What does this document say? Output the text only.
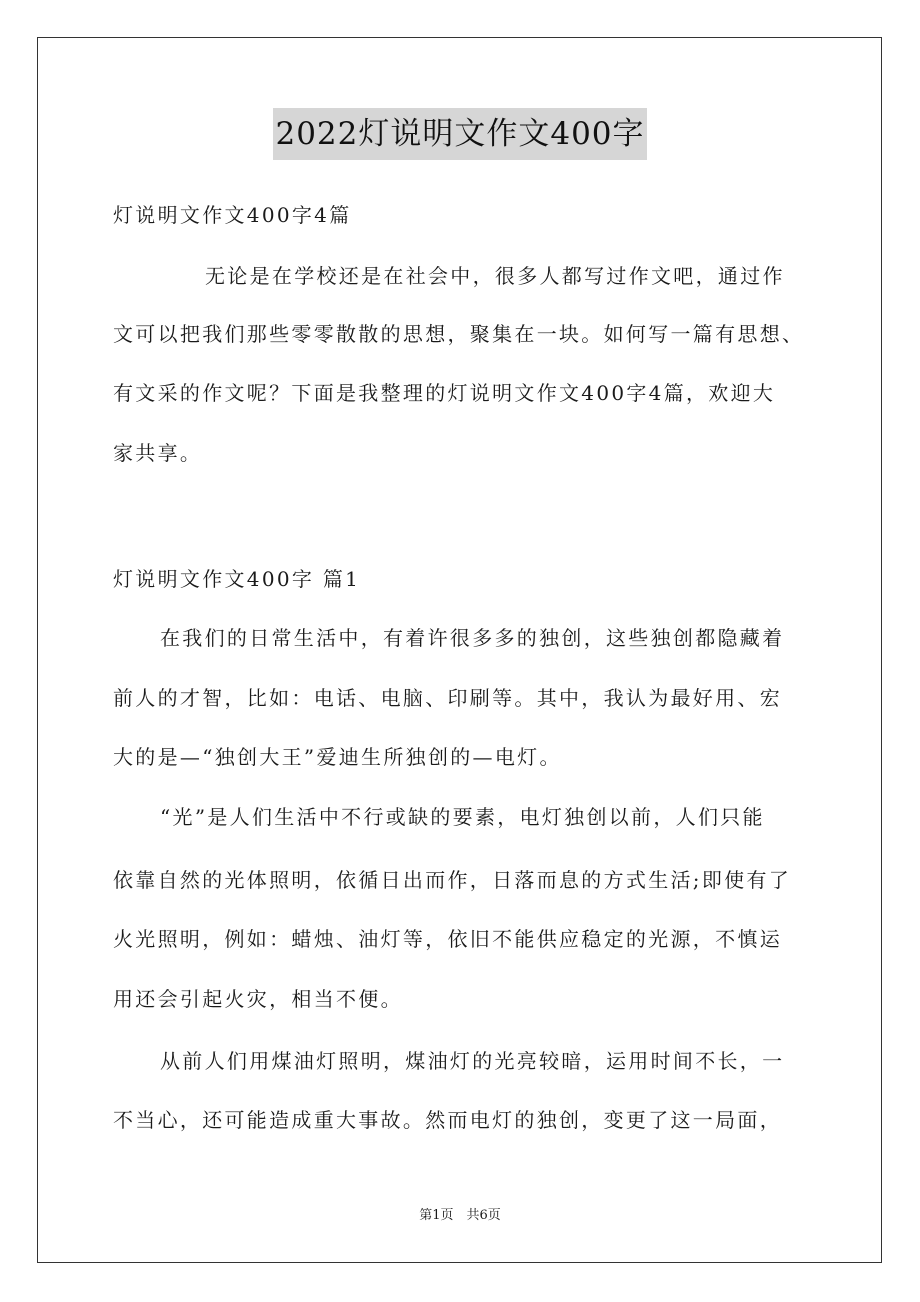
2022灯说明文作文400字
灯说明文作文400字4篇
无论是在学校还是在社会中，很多人都写过作文吧，通过作
文可以把我们那些零零散散的思想，聚集在一块。如何写一篇有思想、
有文采的作文呢？下面是我整理的灯说明文作文400字4篇，欢迎大
家共享。
灯说明文作文400字 篇1
在我们的日常生活中，有着许很多多的独创，这些独创都隐藏着
前人的才智，比如：电话、电脑、印刷等。其中，我认为最好用、宏
大的是—“独创大王”爱迪生所独创的—电灯。
“光”是人们生活中不行或缺的要素，电灯独创以前，人们只能
依靠自然的光体照明，依循日出而作，日落而息的方式生活;即使有了
火光照明，例如：蜡烛、油灯等，依旧不能供应稳定的光源，不慎运
用还会引起火灾，相当不便。
从前人们用煤油灯照明，煤油灯的光亮较暗，运用时间不长，一
不当心，还可能造成重大事故。然而电灯的独创，变更了这一局面，
第1页　共6页
